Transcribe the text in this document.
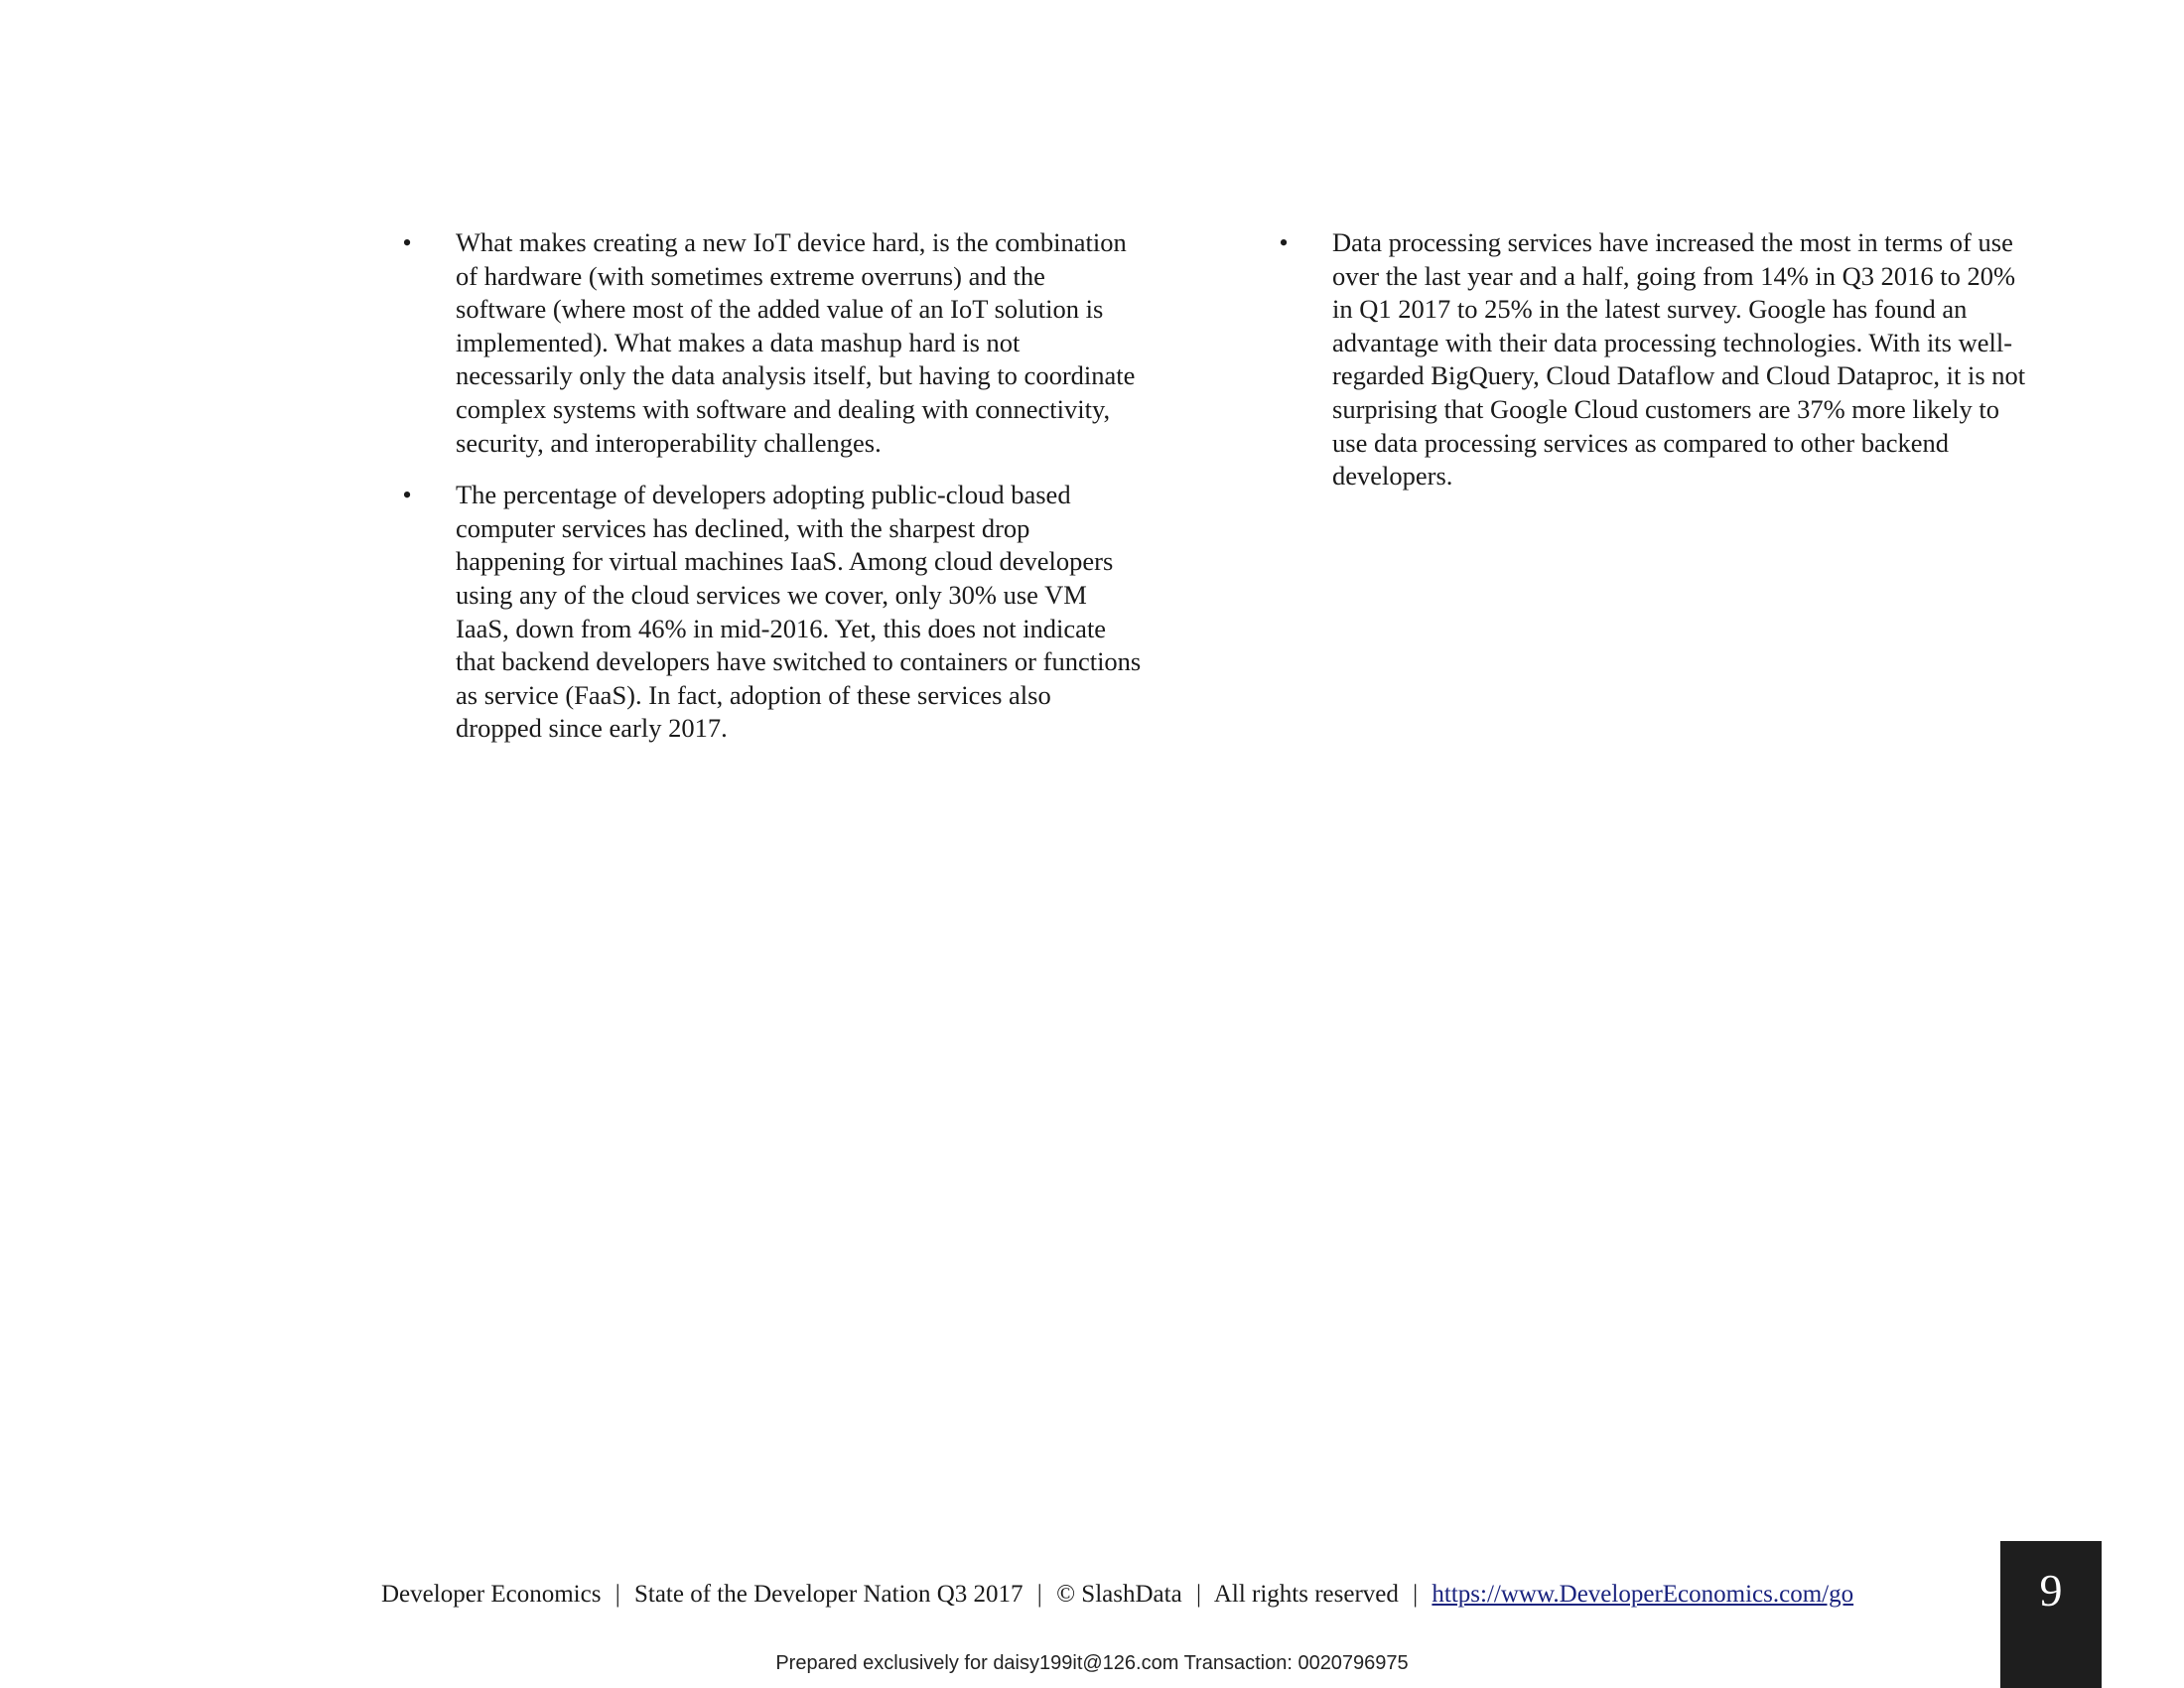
• What makes creating a new IoT device hard, is the combination of hardware (with sometimes extreme overruns) and the software (where most of the added value of an IoT solution is implemented). What makes a data mashup hard is not necessarily only the data analysis itself, but having to coordinate complex systems with software and dealing with connectivity, security, and interoperability challenges.
• The percentage of developers adopting public-cloud based computer services has declined, with the sharpest drop happening for virtual machines IaaS. Among cloud developers using any of the cloud services we cover, only 30% use VM IaaS, down from 46% in mid-2016. Yet, this does not indicate that backend developers have switched to containers or functions as service (FaaS). In fact, adoption of these services also dropped since early 2017.
• Data processing services have increased the most in terms of use over the last year and a half, going from 14% in Q3 2016 to 20% in Q1 2017 to 25% in the latest survey. Google has found an advantage with their data processing technologies. With its well-regarded BigQuery, Cloud Dataflow and Cloud Dataproc, it is not surprising that Google Cloud customers are 37% more likely to use data processing services as compared to other backend developers.
Developer Economics | State of the Developer Nation Q3 2017 | © SlashData | All rights reserved | https://www.DeveloperEconomics.com/go	9
Prepared exclusively for daisy199it@126.com Transaction: 0020796975
